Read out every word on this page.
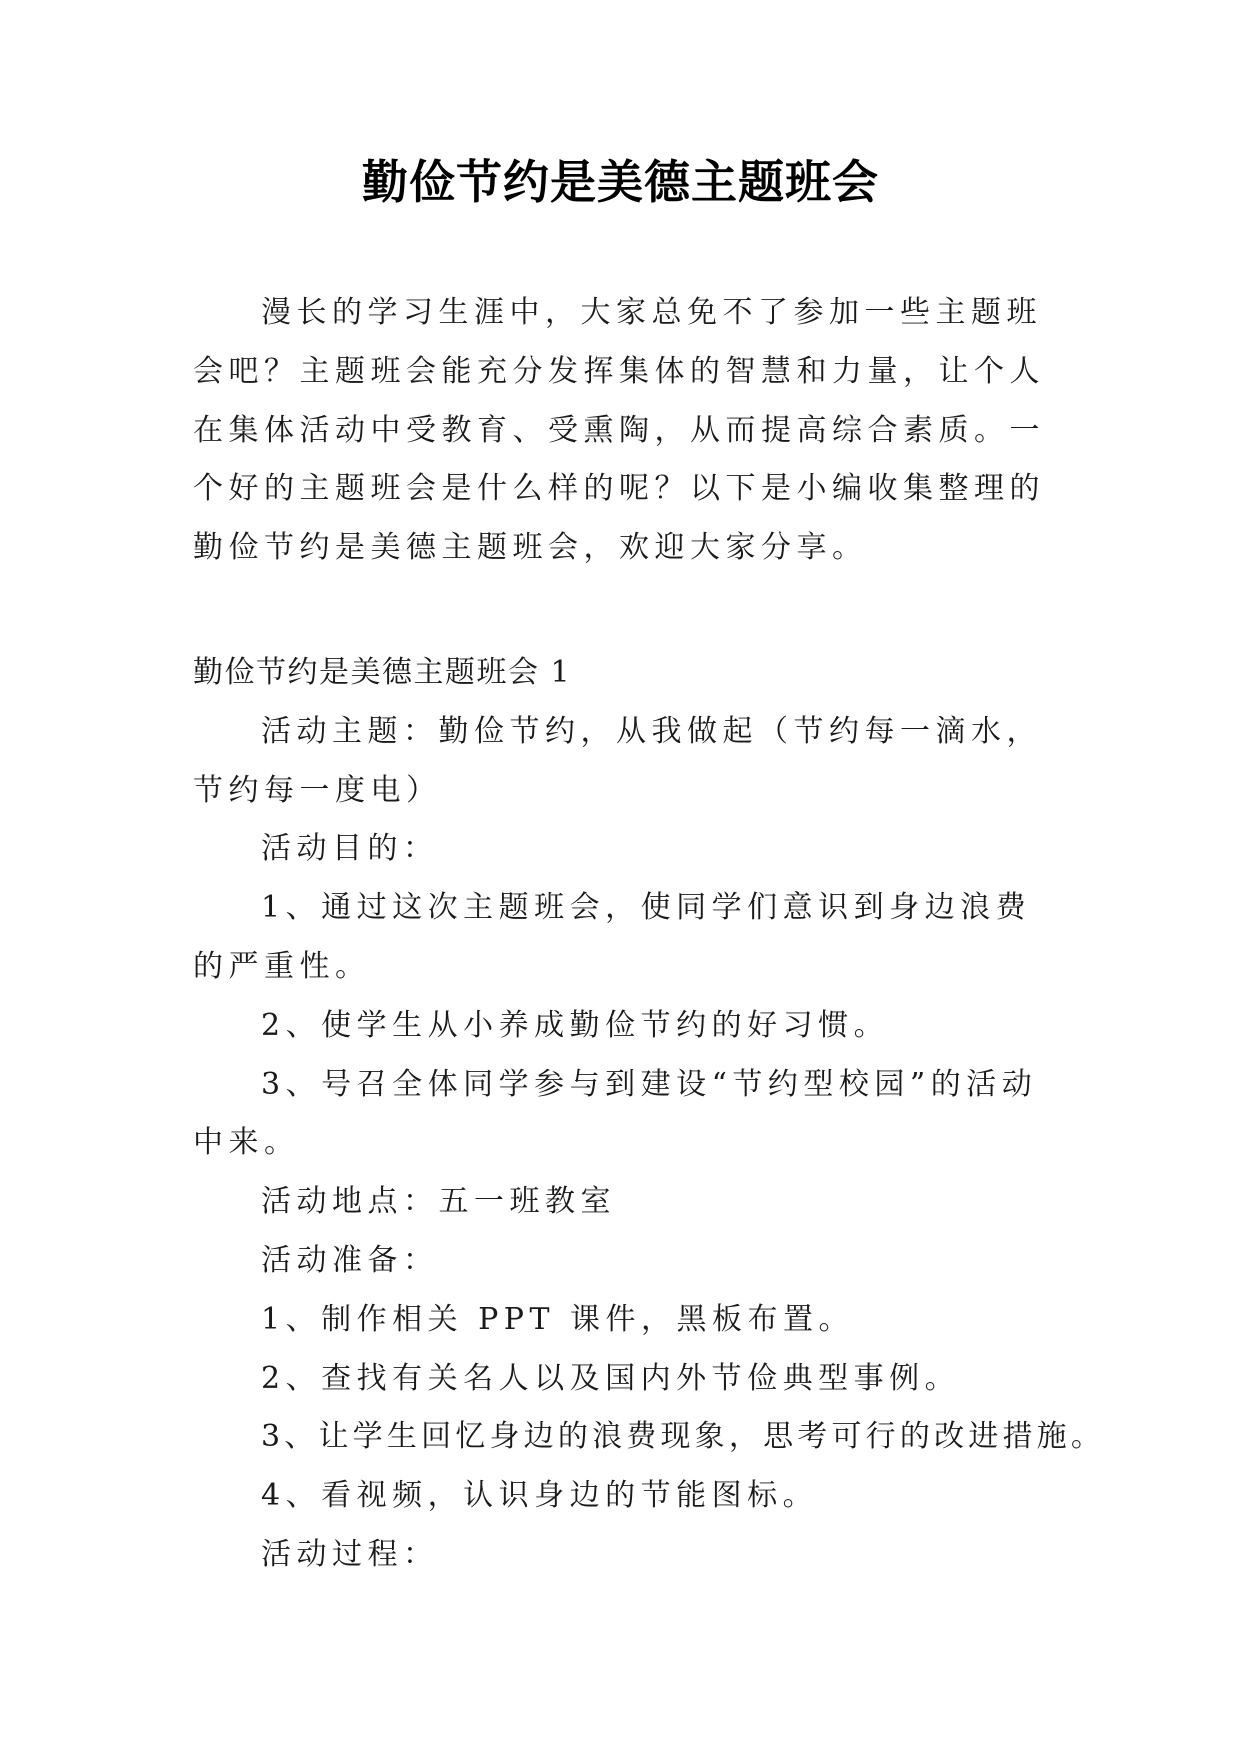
勤俭节约是美德主题班会

漫长的学习生涯中，大家总免不了参加一些主题班会吧？主题班会能充分发挥集体的智慧和力量，让个人在集体活动中受教育、受熏陶，从而提高综合素质。一个好的主题班会是什么样的呢？以下是小编收集整理的勤俭节约是美德主题班会，欢迎大家分享。

勤俭节约是美德主题班会 1

活动主题：勤俭节约，从我做起（节约每一滴水，节约每一度电）

活动目的：

1、通过这次主题班会，使同学们意识到身边浪费的严重性。

2、使学生从小养成勤俭节约的好习惯。

3、号召全体同学参与到建设“节约型校园”的活动中来。

活动地点：五一班教室

活动准备：

1、制作相关 PPT 课件，黑板布置。

2、查找有关名人以及国内外节俭典型事例。

3、让学生回忆身边的浪费现象，思考可行的改进措施。

4、看视频，认识身边的节能图标。

活动过程：
